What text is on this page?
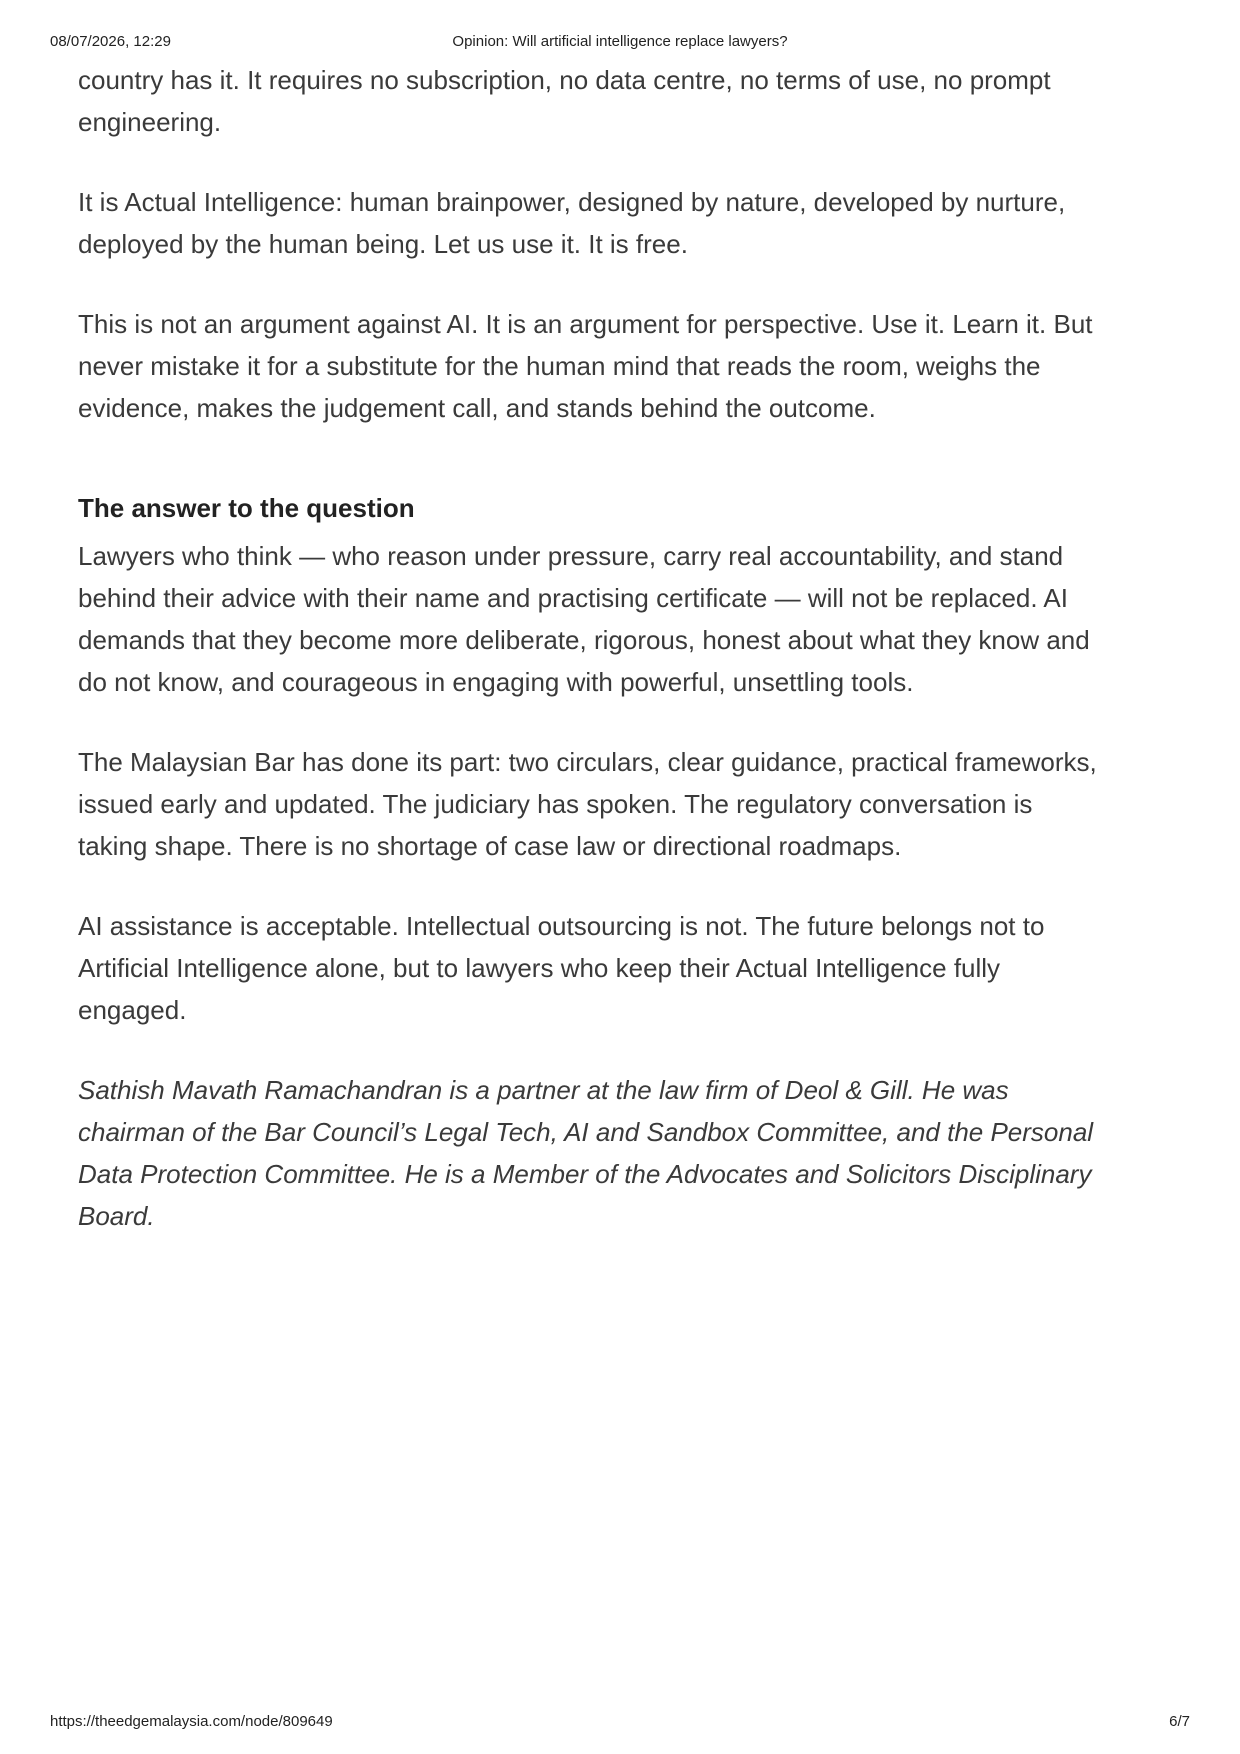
08/07/2026, 12:29	Opinion: Will artificial intelligence replace lawyers?

country has it. It requires no subscription, no data centre, no terms of use, no prompt engineering.

It is Actual Intelligence: human brainpower, designed by nature, developed by nurture, deployed by the human being. Let us use it. It is free.

This is not an argument against AI. It is an argument for perspective. Use it. Learn it. But never mistake it for a substitute for the human mind that reads the room, weighs the evidence, makes the judgement call, and stands behind the outcome.

The answer to the question

Lawyers who think — who reason under pressure, carry real accountability, and stand behind their advice with their name and practising certificate — will not be replaced. AI demands that they become more deliberate, rigorous, honest about what they know and do not know, and courageous in engaging with powerful, unsettling tools.

The Malaysian Bar has done its part: two circulars, clear guidance, practical frameworks, issued early and updated. The judiciary has spoken. The regulatory conversation is taking shape. There is no shortage of case law or directional roadmaps.

AI assistance is acceptable. Intellectual outsourcing is not. The future belongs not to Artificial Intelligence alone, but to lawyers who keep their Actual Intelligence fully engaged.

Sathish Mavath Ramachandran is a partner at the law firm of Deol & Gill. He was chairman of the Bar Council’s Legal Tech, AI and Sandbox Committee, and the Personal Data Protection Committee. He is a Member of the Advocates and Solicitors Disciplinary Board.

https://theedgemalaysia.com/node/809649	6/7
